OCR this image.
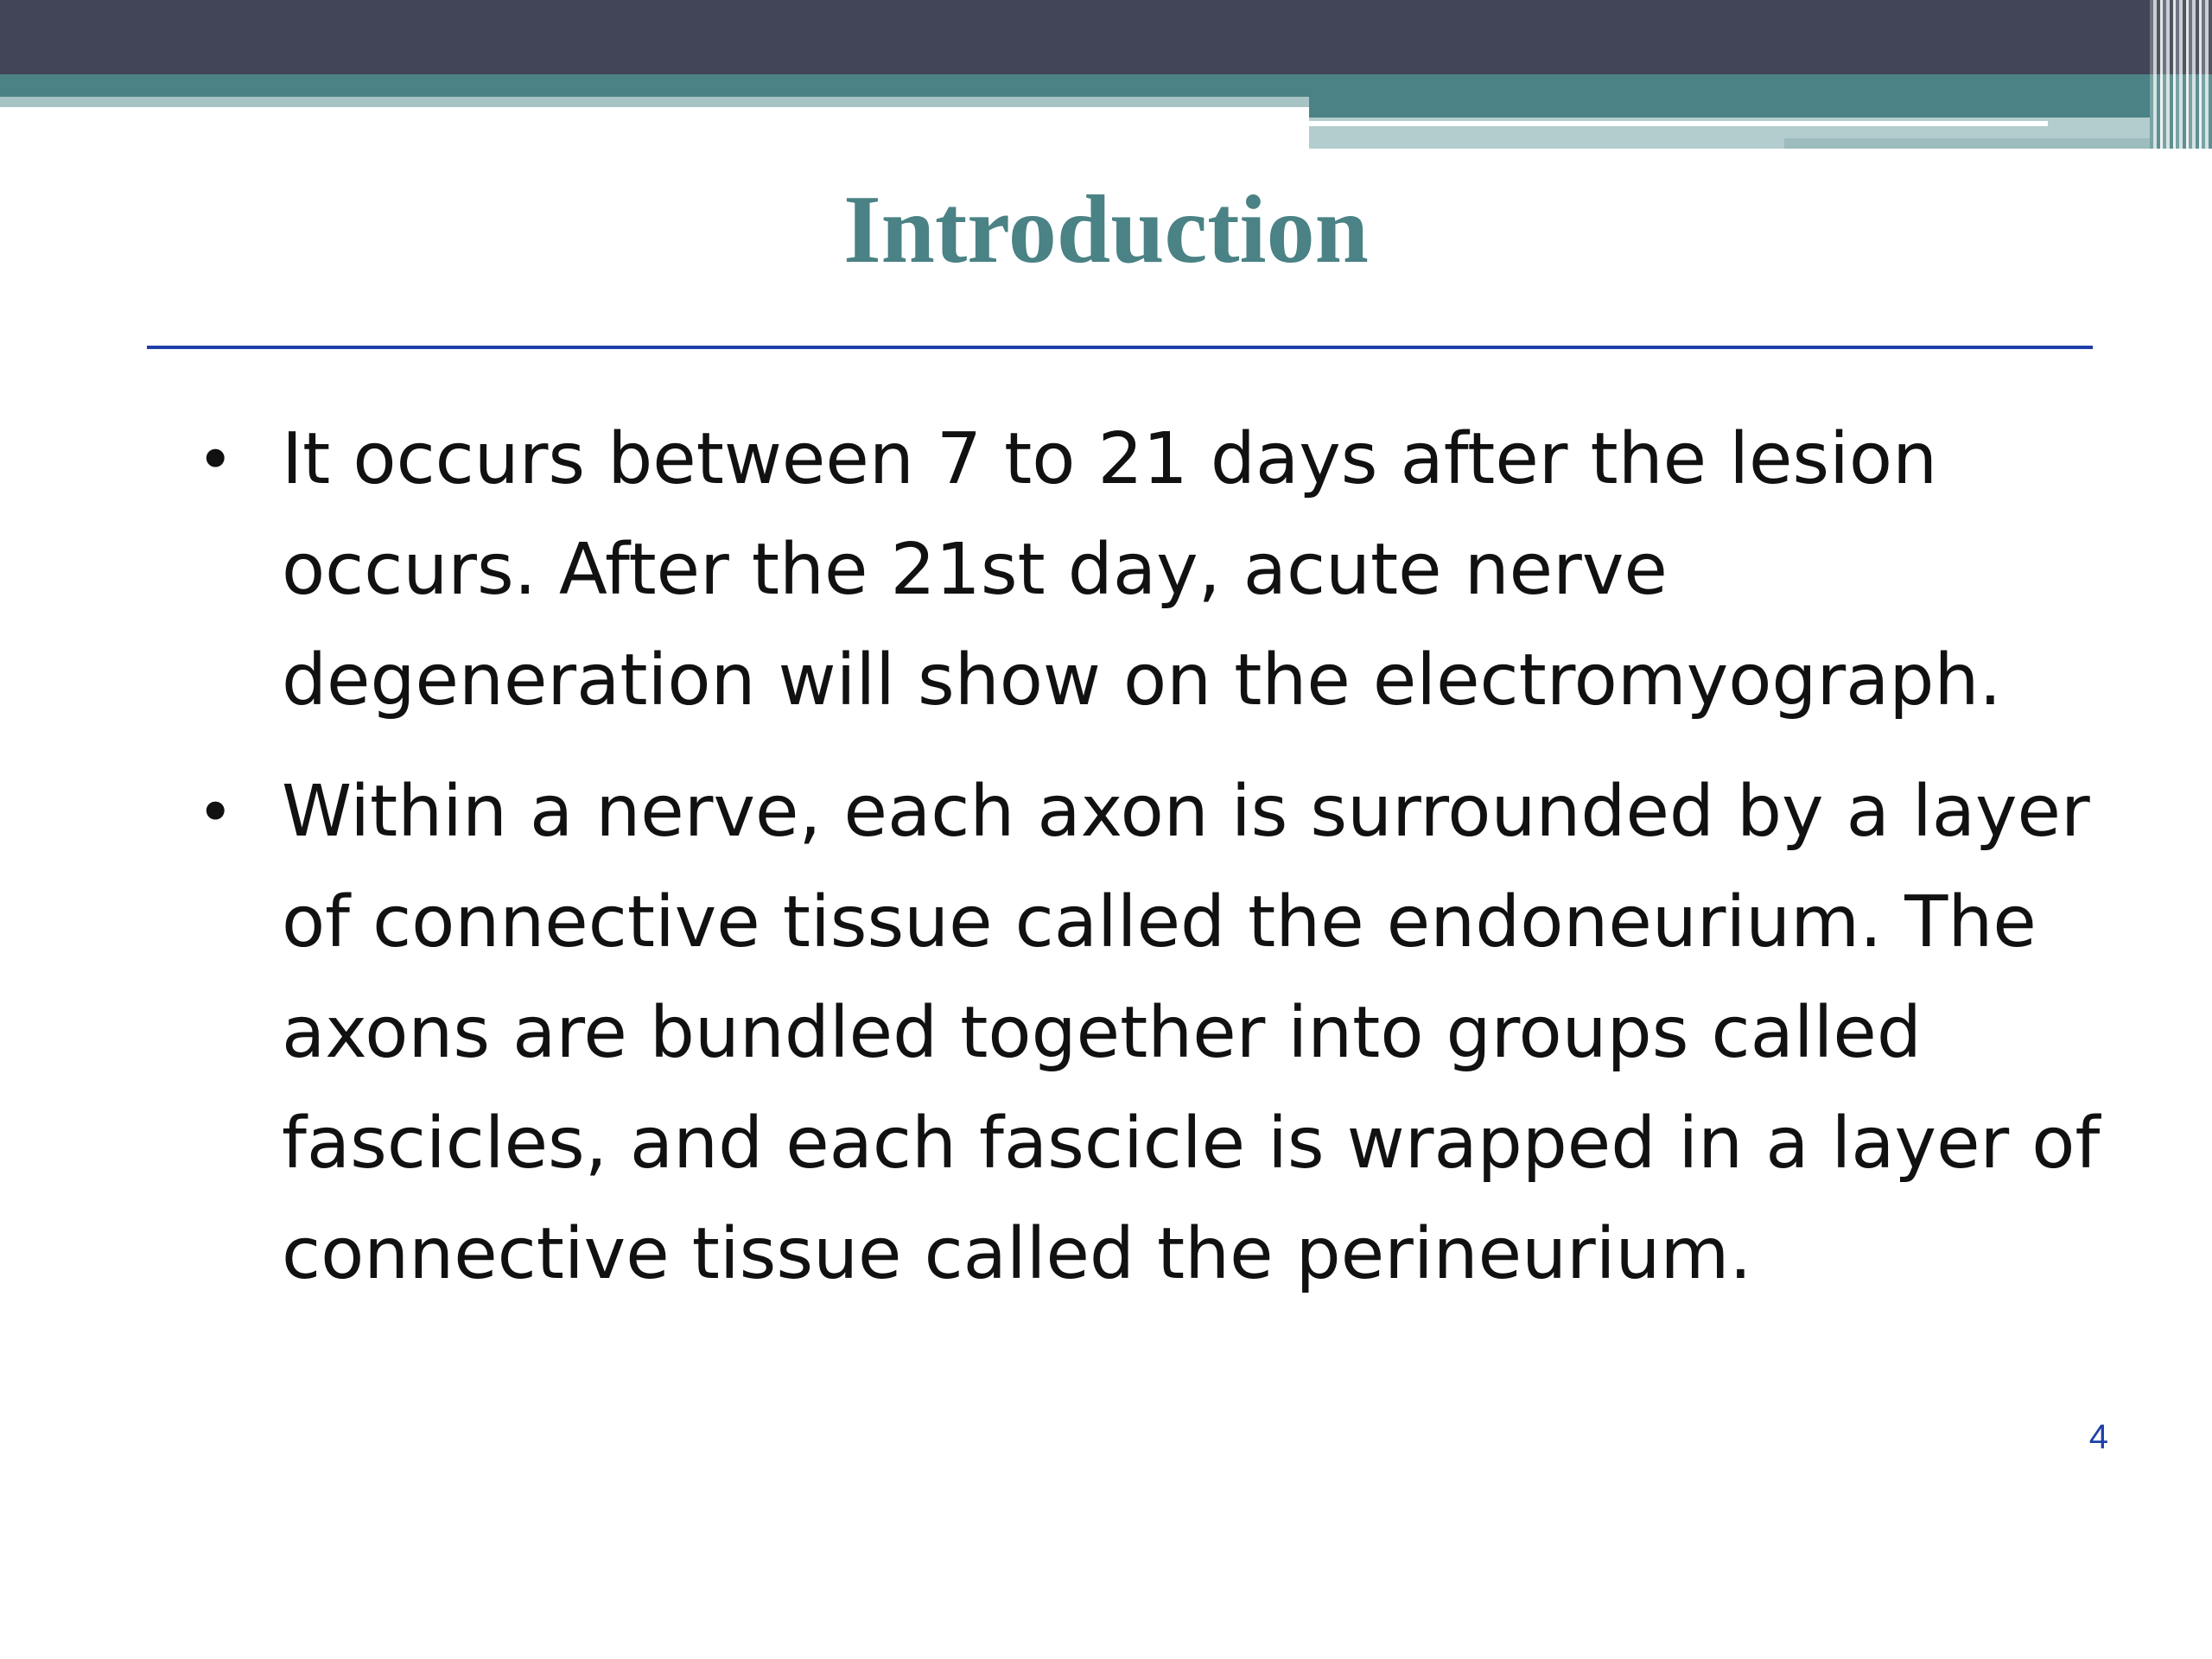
Introduction
• It occurs between 7 to 21 days after the lesion occurs. After the 21st day, acute nerve degeneration will show on the electromyograph.
• Within a nerve, each axon is surrounded by a layer of connective tissue called the endoneurium. The axons are bundled together into groups called fascicles, and each fascicle is wrapped in a layer of connective tissue called the perineurium.
4
